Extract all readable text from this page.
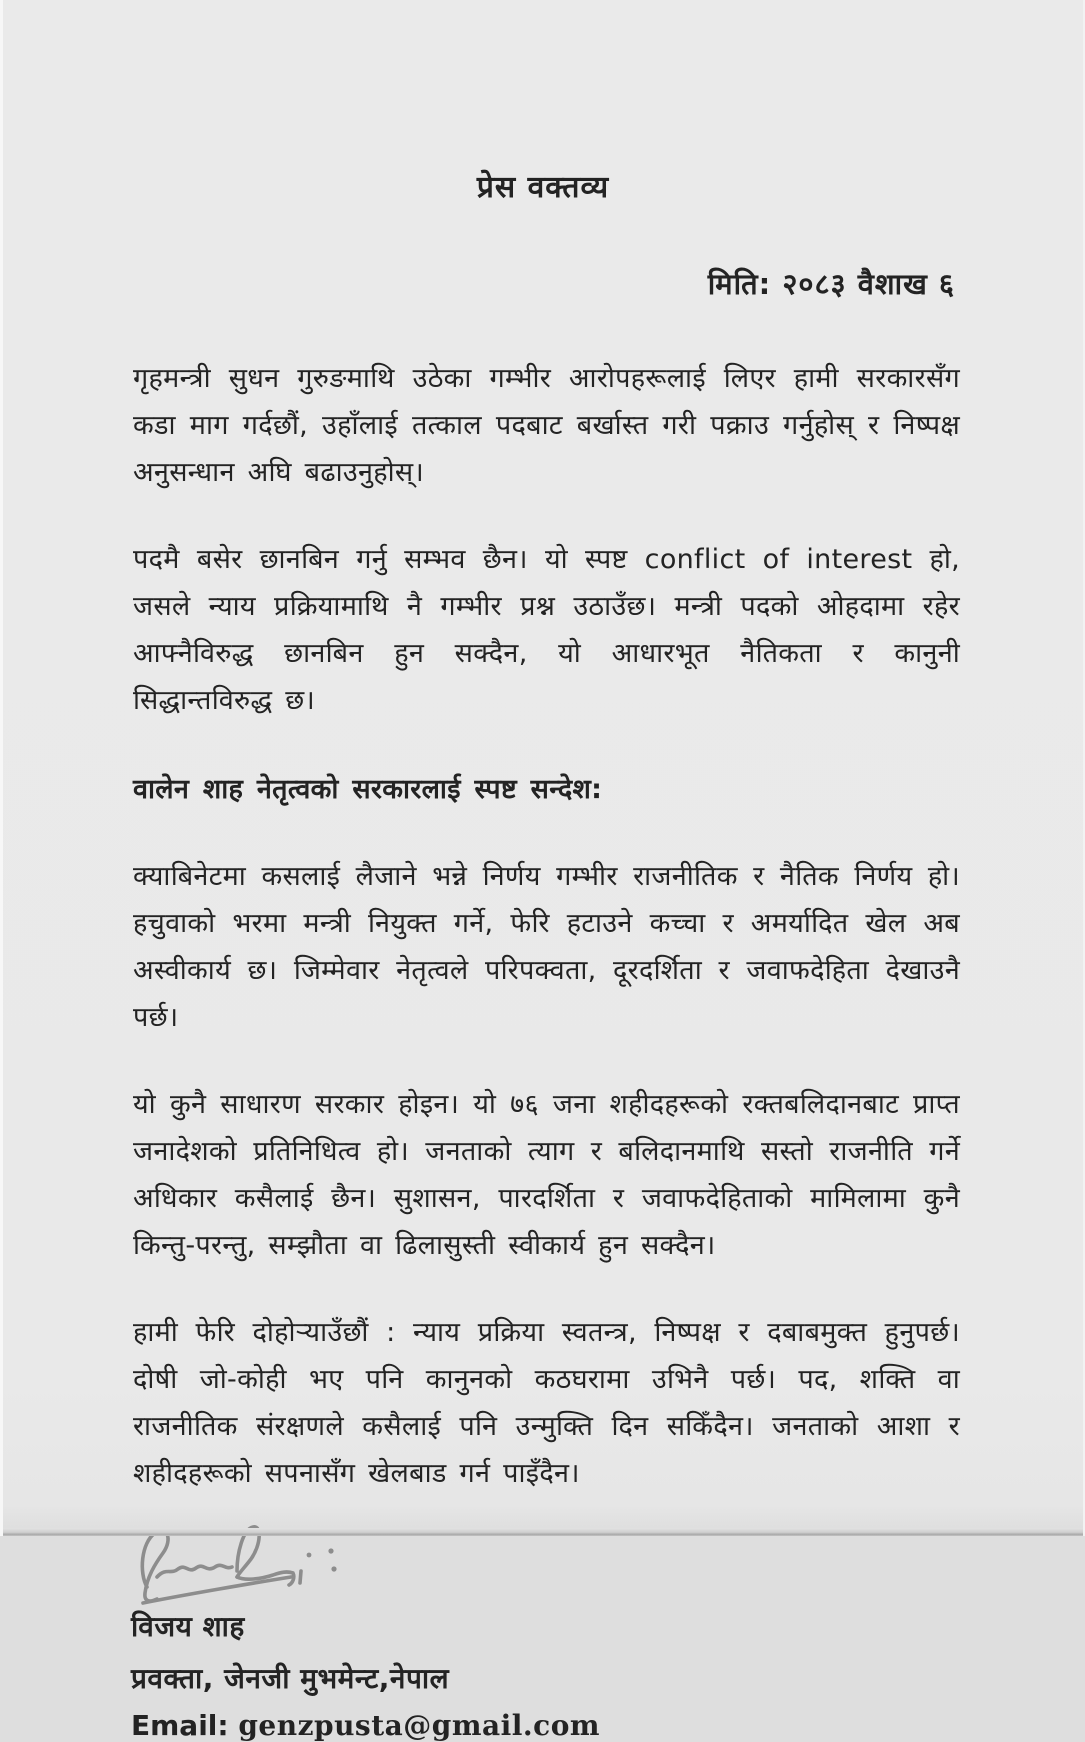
प्रेस वक्तव्य
मिति: २०८३ वैशाख ६

गृहमन्त्री सुधन गुरुङमाथि उठेका गम्भीर आरोपहरूलाई लिएर हामी सरकारसँग कडा माग गर्दछौं, उहाँलाई तत्काल पदबाट बर्खास्त गरी पक्राउ गर्नुहोस् र निष्पक्ष अनुसन्धान अघि बढाउनुहोस्।

पदमै बसेर छानबिन गर्नु सम्भव छैन। यो स्पष्ट conflict of interest हो, जसले न्याय प्रक्रियामाथि नै गम्भीर प्रश्न उठाउँछ। मन्त्री पदको ओहदामा रहेर आफ्नैविरुद्ध छानबिन हुन सक्दैन, यो आधारभूत नैतिकता र कानुनी सिद्धान्तविरुद्ध छ।

वालेन शाह नेतृत्वको सरकारलाई स्पष्ट सन्देश:

क्याबिनेटमा कसलाई लैजाने भन्ने निर्णय गम्भीर राजनीतिक र नैतिक निर्णय हो। हचुवाको भरमा मन्त्री नियुक्त गर्ने, फेरि हटाउने कच्चा र अमर्यादित खेल अब अस्वीकार्य छ। जिम्मेवार नेतृत्वले परिपक्वता, दूरदर्शिता र जवाफदेहिता देखाउनै पर्छ।

यो कुनै साधारण सरकार होइन। यो ७६ जना शहीदहरूको रक्तबलिदानबाट प्राप्त जनादेशको प्रतिनिधित्व हो। जनताको त्याग र बलिदानमाथि सस्तो राजनीति गर्ने अधिकार कसैलाई छैन। सुशासन, पारदर्शिता र जवाफदेहिताको मामिलामा कुनै किन्तु-परन्तु, सम्झौता वा ढिलासुस्ती स्वीकार्य हुन सक्दैन।

हामी फेरि दोहोऱ्याउँछौं : न्याय प्रक्रिया स्वतन्त्र, निष्पक्ष र दबाबमुक्त हुनुपर्छ। दोषी जो-कोही भए पनि कानुनको कठघरामा उभिनै पर्छ। पद, शक्ति वा राजनीतिक संरक्षणले कसैलाई पनि उन्मुक्ति दिन सकिँदैन। जनताको आशा र शहीदहरूको सपनासँग खेलबाड गर्न पाइँदैन।

विजय शाह
प्रवक्ता, जेनजी मुभमेन्ट,नेपाल
Email: genzpusta@gmail.com
